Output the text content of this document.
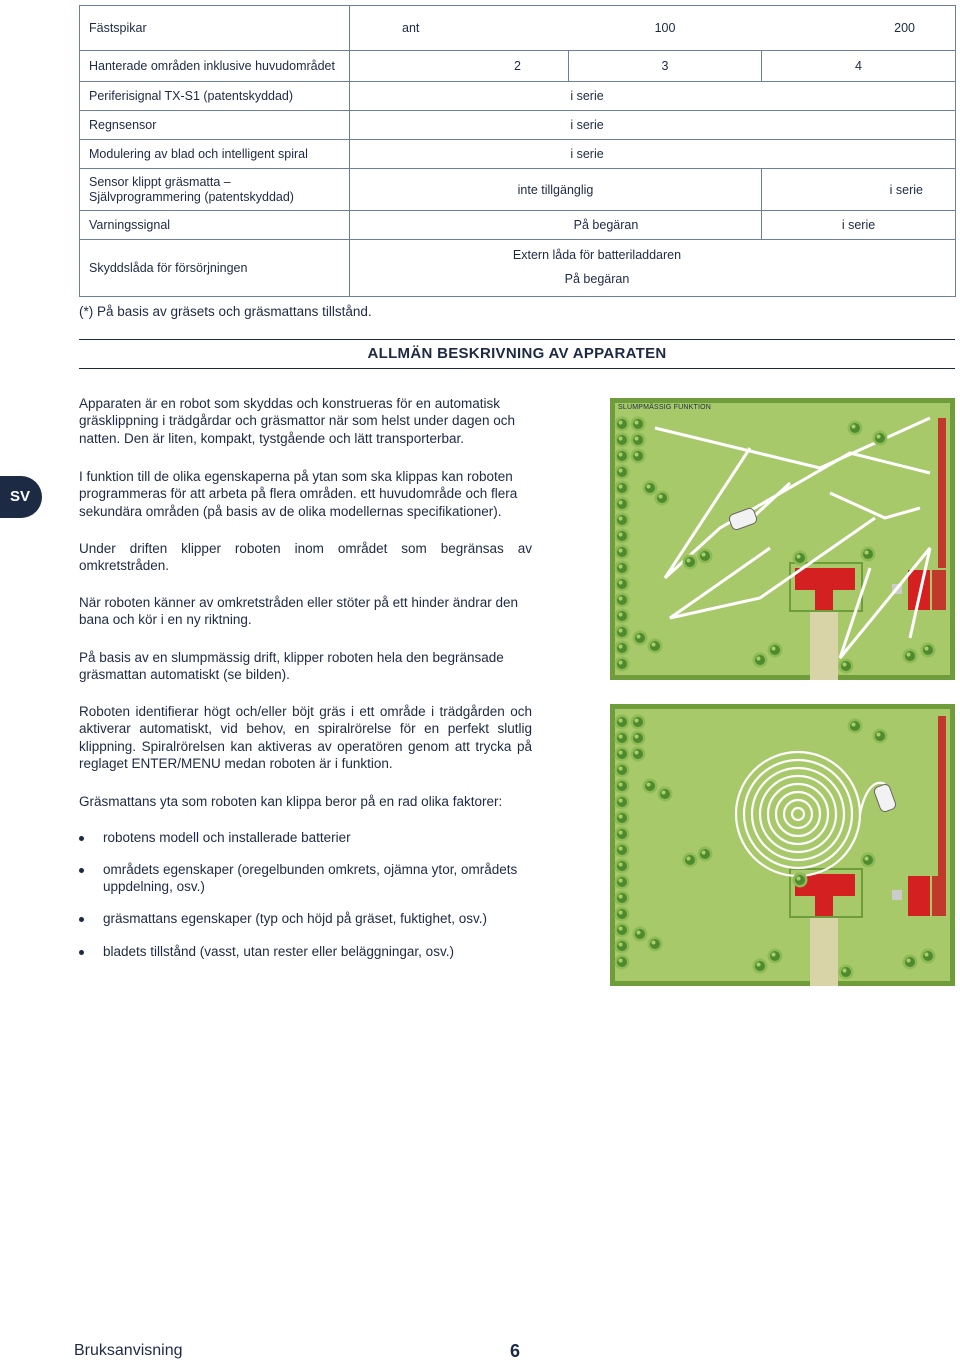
Fästspikar	ant	100	200
Hanterade områden inklusive huvudområdet	2	3	4
Periferisignal TX-S1 (patentskyddad)	i serie		
Regnsensor	i serie		
Modulering av blad och intelligent spiral	i serie		
Sensor klippt gräsmatta – Självprogrammering (patentskyddad)	inte tillgänglig		i serie
Varningssignal	På begäran		i serie
Skyddslåda för försörjningen	Extern låda för batteriladdaren
På begäran		
(*) På basis av gräsets och gräsmattans tillstånd.
ALLMÄN BESKRIVNING AV APPARATEN
SV

Apparaten är en robot som skyddas och konstrueras för en automatisk gräsklippning i trädgårdar och gräsmattor när som helst under dagen och natten. Den är liten, kompakt, tystgående och lätt transporterbar.

I funktion till de olika egenskaperna på ytan som ska klippas kan roboten programmeras för att arbeta på flera områden. ett huvudområde och flera sekundära områden (på basis av de olika modellernas specifikationer).

Under driften klipper roboten inom området som begränsas av omkretstråden.

När roboten känner av omkretstråden eller stöter på ett hinder ändrar den bana och kör i en ny riktning.

På basis av en slumpmässig drift, klipper roboten hela den begränsade gräsmattan automatiskt (se bilden).

Roboten identifierar högt och/eller böjt gräs i ett område i trädgården och aktiverar automatiskt, vid behov, en spiralrörelse för en perfekt slutlig klippning. Spiralrörelsen kan aktiveras av operatören genom att trycka på reglaget ENTER/MENU medan roboten är i funktion.

Gräsmattans yta som roboten kan klippa beror på en rad olika faktorer:

robotens modell och installerade batterier
områdets egenskaper (oregelbunden omkrets, ojämna ytor, områdets uppdelning, osv.)
gräsmattans egenskaper (typ och höjd på gräset, fuktighet, osv.)
bladets tillstånd (vasst, utan rester eller beläggningar, osv.)
SLUMPMÄSSIG FUNKTION
Bruksanvisning	6
